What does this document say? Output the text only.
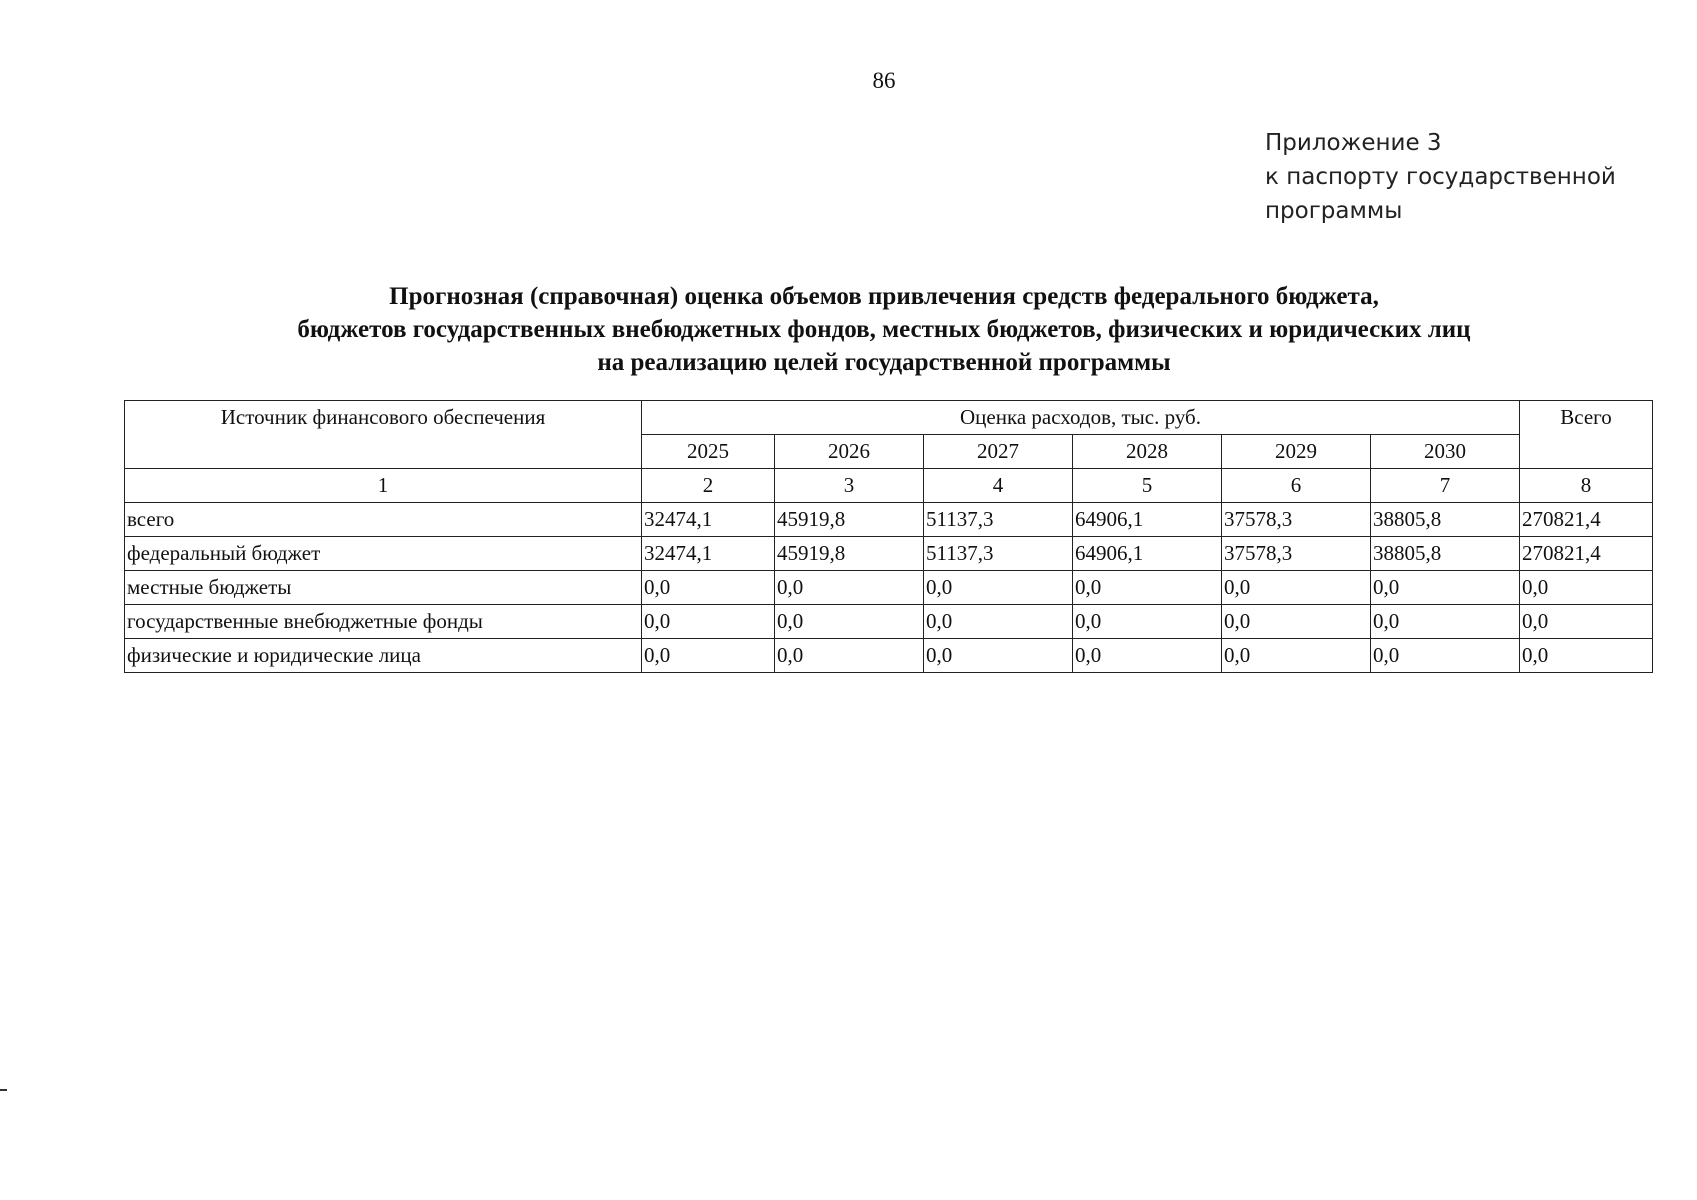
86
Приложение 3
к паспорту государственной
программы
Прогнозная (справочная) оценка объемов привлечения средств федерального бюджета,
бюджетов государственных внебюджетных фондов, местных бюджетов, физических и юридических лиц
на реализацию целей государственной программы
Источник финансового обеспечения	Оценка расходов, тыс. руб.						Всего
	2025	2026	2027	2028	2029	2030	
1	2	3	4	5	6	7	8
всего	32474,1	45919,8	51137,3	64906,1	37578,3	38805,8	270821,4
федеральный бюджет	32474,1	45919,8	51137,3	64906,1	37578,3	38805,8	270821,4
местные бюджеты	0,0	0,0	0,0	0,0	0,0	0,0	0,0
государственные внебюджетные фонды	0,0	0,0	0,0	0,0	0,0	0,0	0,0
физические и юридические лица	0,0	0,0	0,0	0,0	0,0	0,0	0,0
